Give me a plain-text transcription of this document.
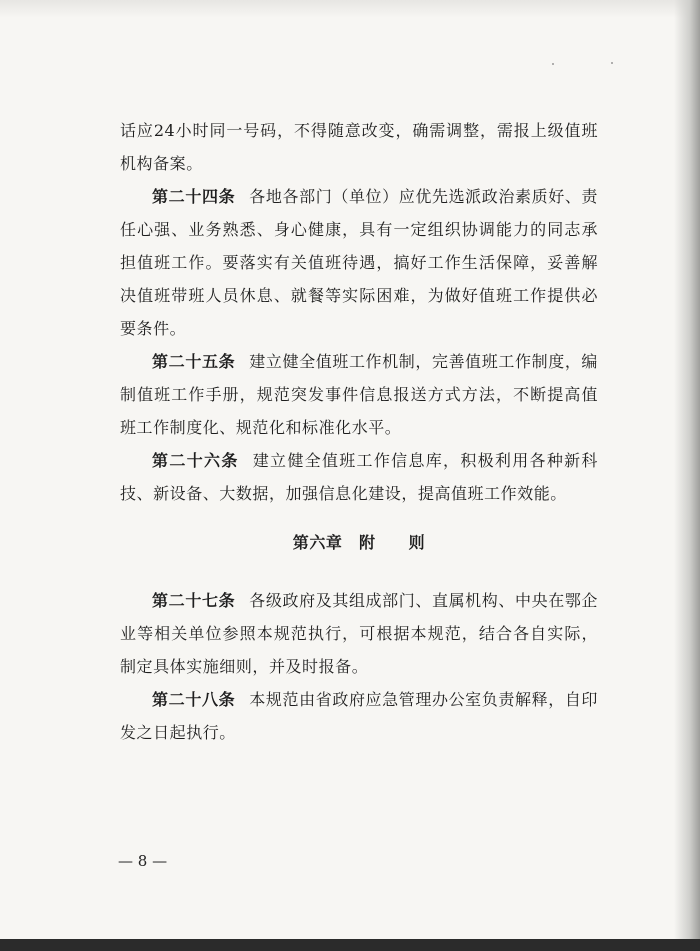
话应24小时同一号码，不得随意改变，确需调整，需报上级值班机构备案。

第二十四条 各地各部门（单位）应优先选派政治素质好、责任心强、业务熟悉、身心健康，具有一定组织协调能力的同志承担值班工作。要落实有关值班待遇，搞好工作生活保障，妥善解决值班带班人员休息、就餐等实际困难，为做好值班工作提供必要条件。

第二十五条 建立健全值班工作机制，完善值班工作制度，编制值班工作手册，规范突发事件信息报送方式方法，不断提高值班工作制度化、规范化和标准化水平。

第二十六条 建立健全值班工作信息库，积极利用各种新科技、新设备、大数据，加强信息化建设，提高值班工作效能。

第六章　附　　则

第二十七条 各级政府及其组成部门、直属机构、中央在鄂企业等相关单位参照本规范执行，可根据本规范，结合各自实际，制定具体实施细则，并及时报备。

第二十八条 本规范由省政府应急管理办公室负责解释，自印发之日起执行。

— 8 —
